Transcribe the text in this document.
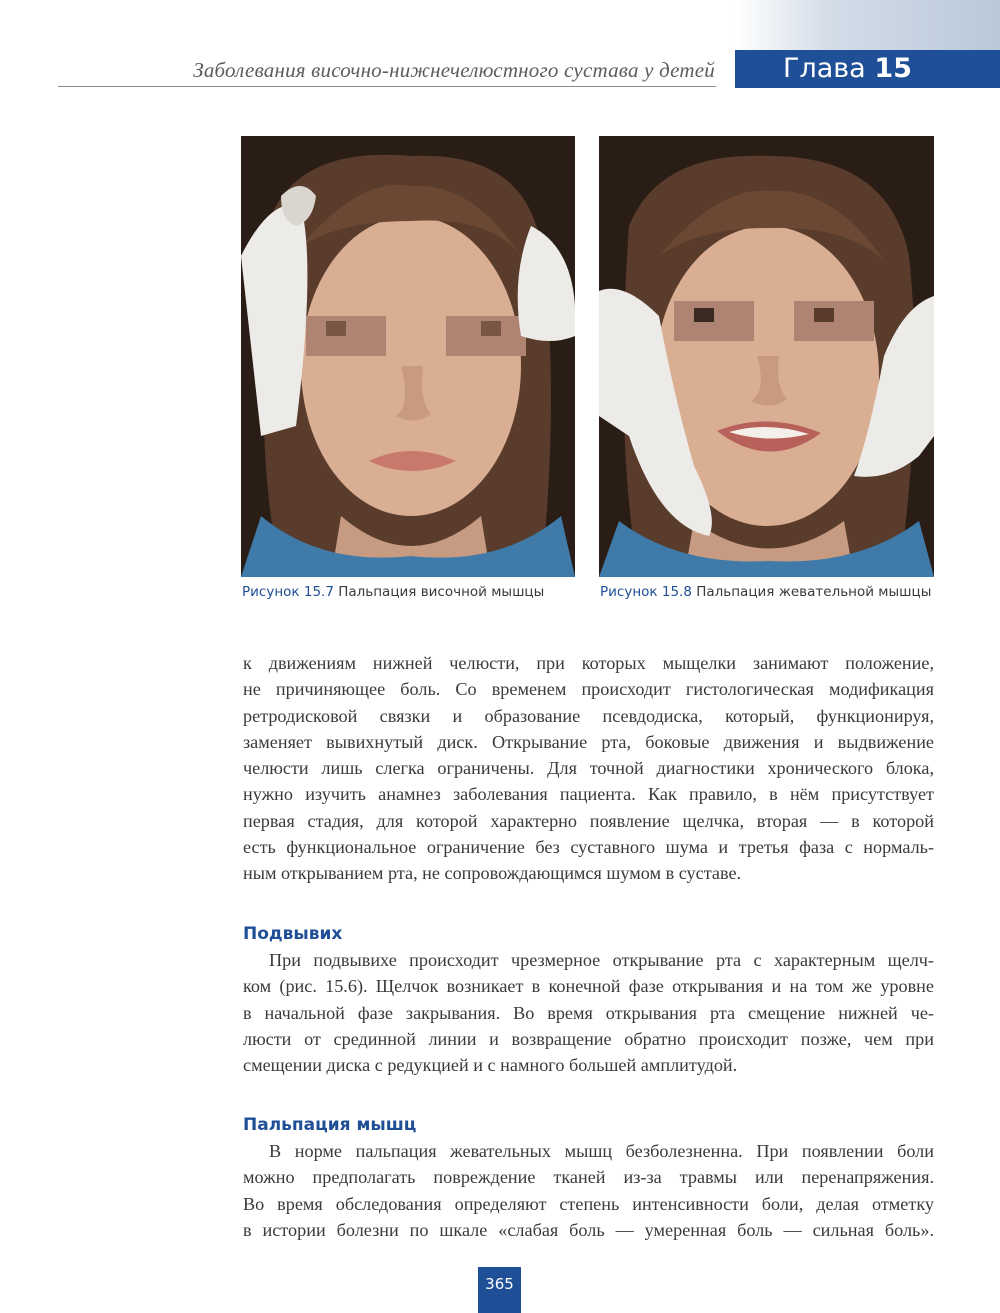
Заболевания височно-нижнечелюстного сустава у детей	Глава 15
Рисунок 15.7 Пальпация височной мышцы	Рисунок 15.8 Пальпация жевательной мышцы
к движениям нижней челюсти, при которых мыщелки занимают положение,
не причиняющее боль. Со временем происходит гистологическая модификация
ретродисковой связки и образование псевдодиска, который, функционируя,
заменяет вывихнутый диск. Открывание рта, боковые движения и выдвижение
челюсти лишь слегка ограничены. Для точной диагностики хронического блока,
нужно изучить анамнез заболевания пациента. Как правило, в нём присутствует
первая стадия, для которой характерно появление щелчка, вторая — в которой
есть функциональное ограничение без суставного шума и третья фаза с нормаль-
ным открыванием рта, не сопровождающимся шумом в суставе.
Подвывих
При подвывихе происходит чрезмерное открывание рта с характерным щелч-
ком (рис. 15.6). Щелчок возникает в конечной фазе открывания и на том же уровне
в начальной фазе закрывания. Во время открывания рта смещение нижней че-
люсти от срединной линии и возвращение обратно происходит позже, чем при
смещении диска с редукцией и с намного большей амплитудой.
Пальпация мышц
В норме пальпация жевательных мышц безболезненна. При появлении боли
можно предполагать повреждение тканей из-за травмы или перенапряжения.
Во время обследования определяют степень интенсивности боли, делая отметку
в истории болезни по шкале «слабая боль — умеренная боль — сильная боль».
365
